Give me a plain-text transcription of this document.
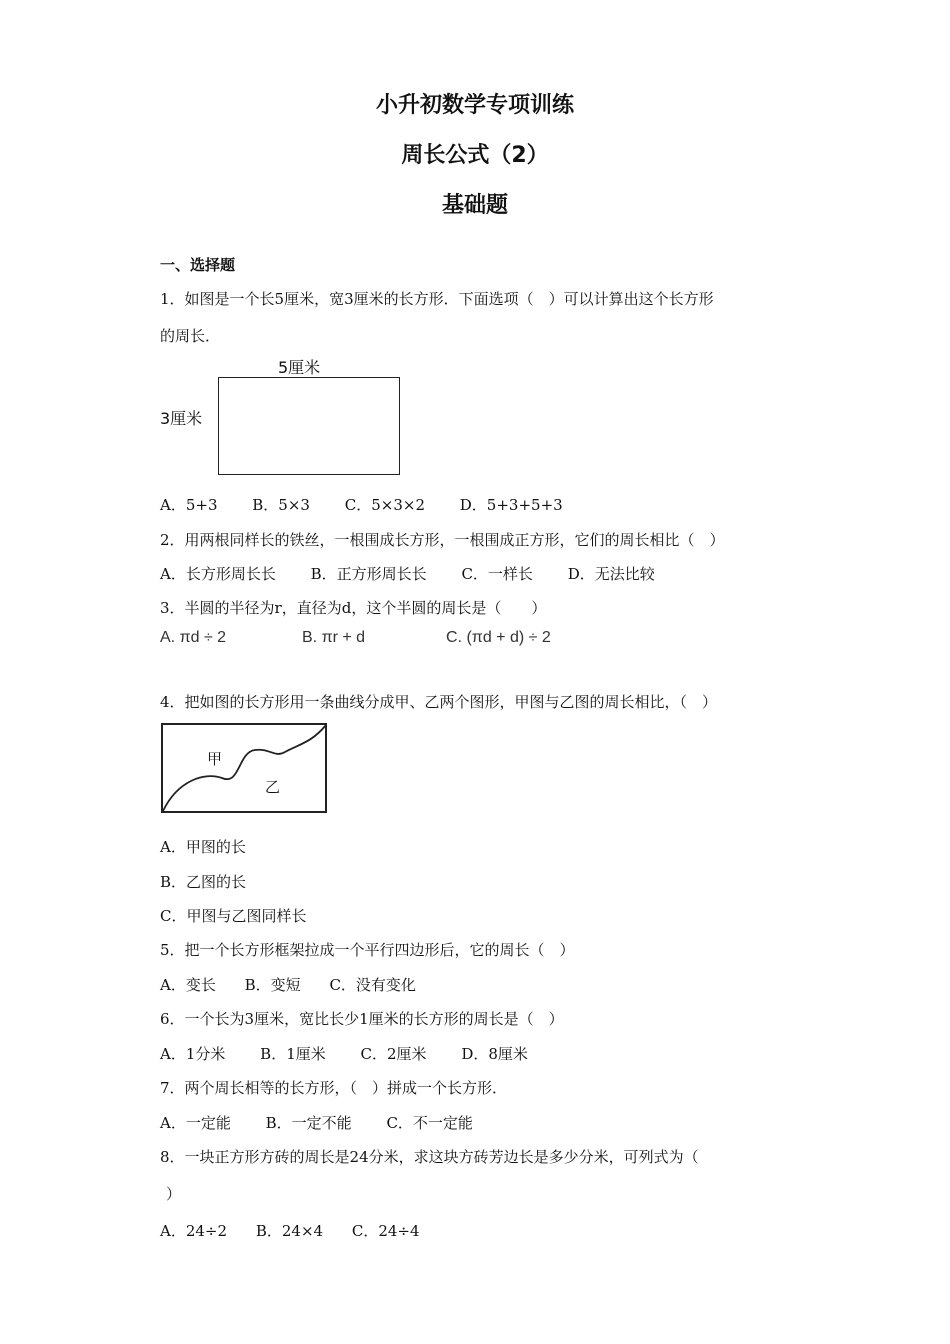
小升初数学专项训练
周长公式（2）
基础题
一、选择题
1．如图是一个长5厘米，宽3厘米的长方形．下面选项（　）可以计算出这个长方形
的周长．
5厘米
3厘米
A．5+3 B．5×3 C．5×3×2 D．5+3+5+3
2．用两根同样长的铁丝，一根围成长方形，一根围成正方形，它们的周长相比（　）
A．长方形周长长 B．正方形周长长 C．一样长 D．无法比较
3．半圆的半径为r，直径为d，这个半圆的周长是（　　）
A. πd ÷ 2	B. πr + d	C. (πd + d) ÷ 2
4．把如图的长方形用一条曲线分成甲、乙两个图形，甲图与乙图的周长相比，（　）
甲
乙
A．甲图的长
B．乙图的长
C．甲图与乙图同样长
5．把一个长方形框架拉成一个平行四边形后，它的周长（　）
A．变长 B．变短 C．没有变化
6．一个长为3厘米，宽比长少1厘米的长方形的周长是（　）
A．1分米 B．1厘米 C．2厘米 D．8厘米
7．两个周长相等的长方形，（　）拼成一个长方形．
A．一定能 B．一定不能 C．不一定能
8．一块正方形方砖的周长是24分米，求这块方砖芳边长是多少分米，可列式为（
）
A．24÷2 B．24×4 C．24÷4
